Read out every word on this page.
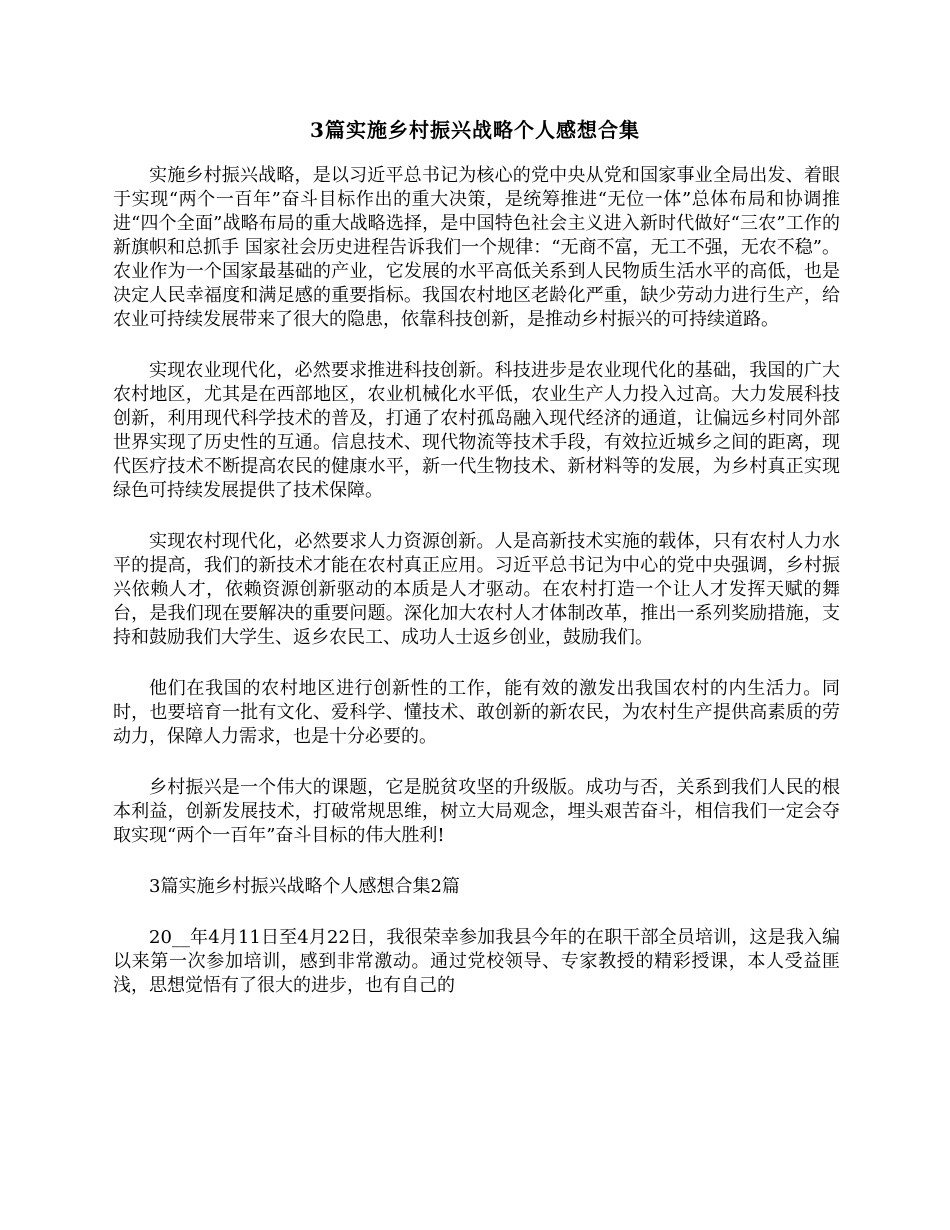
3篇实施乡村振兴战略个人感想合集

实施乡村振兴战略，是以习近平总书记为核心的党中央从党和国家事业全局出发、着眼于实现“两个一百年”奋斗目标作出的重大决策，是统筹推进“无位一体”总体布局和协调推进“四个全面”战略布局的重大战略选择，是中国特色社会主义进入新时代做好“三农”工作的新旗帜和总抓手 国家社会历史进程告诉我们一个规律：“无商不富，无工不强，无农不稳”。农业作为一个国家最基础的产业，它发展的水平高低关系到人民物质生活水平的高低，也是决定人民幸福度和满足感的重要指标。我国农村地区老龄化严重，缺少劳动力进行生产，给农业可持续发展带来了很大的隐患，依靠科技创新，是推动乡村振兴的可持续道路。

实现农业现代化，必然要求推进科技创新。科技进步是农业现代化的基础，我国的广大农村地区，尤其是在西部地区，农业机械化水平低，农业生产人力投入过高。大力发展科技创新，利用现代科学技术的普及，打通了农村孤岛融入现代经济的通道，让偏远乡村同外部世界实现了历史性的互通。信息技术、现代物流等技术手段，有效拉近城乡之间的距离，现代医疗技术不断提高农民的健康水平，新一代生物技术、新材料等的发展，为乡村真正实现绿色可持续发展提供了技术保障。

实现农村现代化，必然要求人力资源创新。人是高新技术实施的载体，只有农村人力水平的提高，我们的新技术才能在农村真正应用。习近平总书记为中心的党中央强调，乡村振兴依赖人才，依赖资源创新驱动的本质是人才驱动。在农村打造一个让人才发挥天赋的舞台，是我们现在要解决的重要问题。深化加大农村人才体制改革，推出一系列奖励措施，支持和鼓励我们大学生、返乡农民工、成功人士返乡创业，鼓励我们。

他们在我国的农村地区进行创新性的工作，能有效的激发出我国农村的内生活力。同时，也要培育一批有文化、爱科学、懂技术、敢创新的新农民，为农村生产提供高素质的劳动力，保障人力需求，也是十分必要的。

乡村振兴是一个伟大的课题，它是脱贫攻坚的升级版。成功与否，关系到我们人民的根本利益，创新发展技术，打破常规思维，树立大局观念，埋头艰苦奋斗，相信我们一定会夺取实现“两个一百年”奋斗目标的伟大胜利!

3篇实施乡村振兴战略个人感想合集2篇

20__年4月11日至4月22日，我很荣幸参加我县今年的在职干部全员培训，这是我入编以来第一次参加培训，感到非常激动。通过党校领导、专家教授的精彩授课，本人受益匪浅，思想觉悟有了很大的进步，也有自己的
